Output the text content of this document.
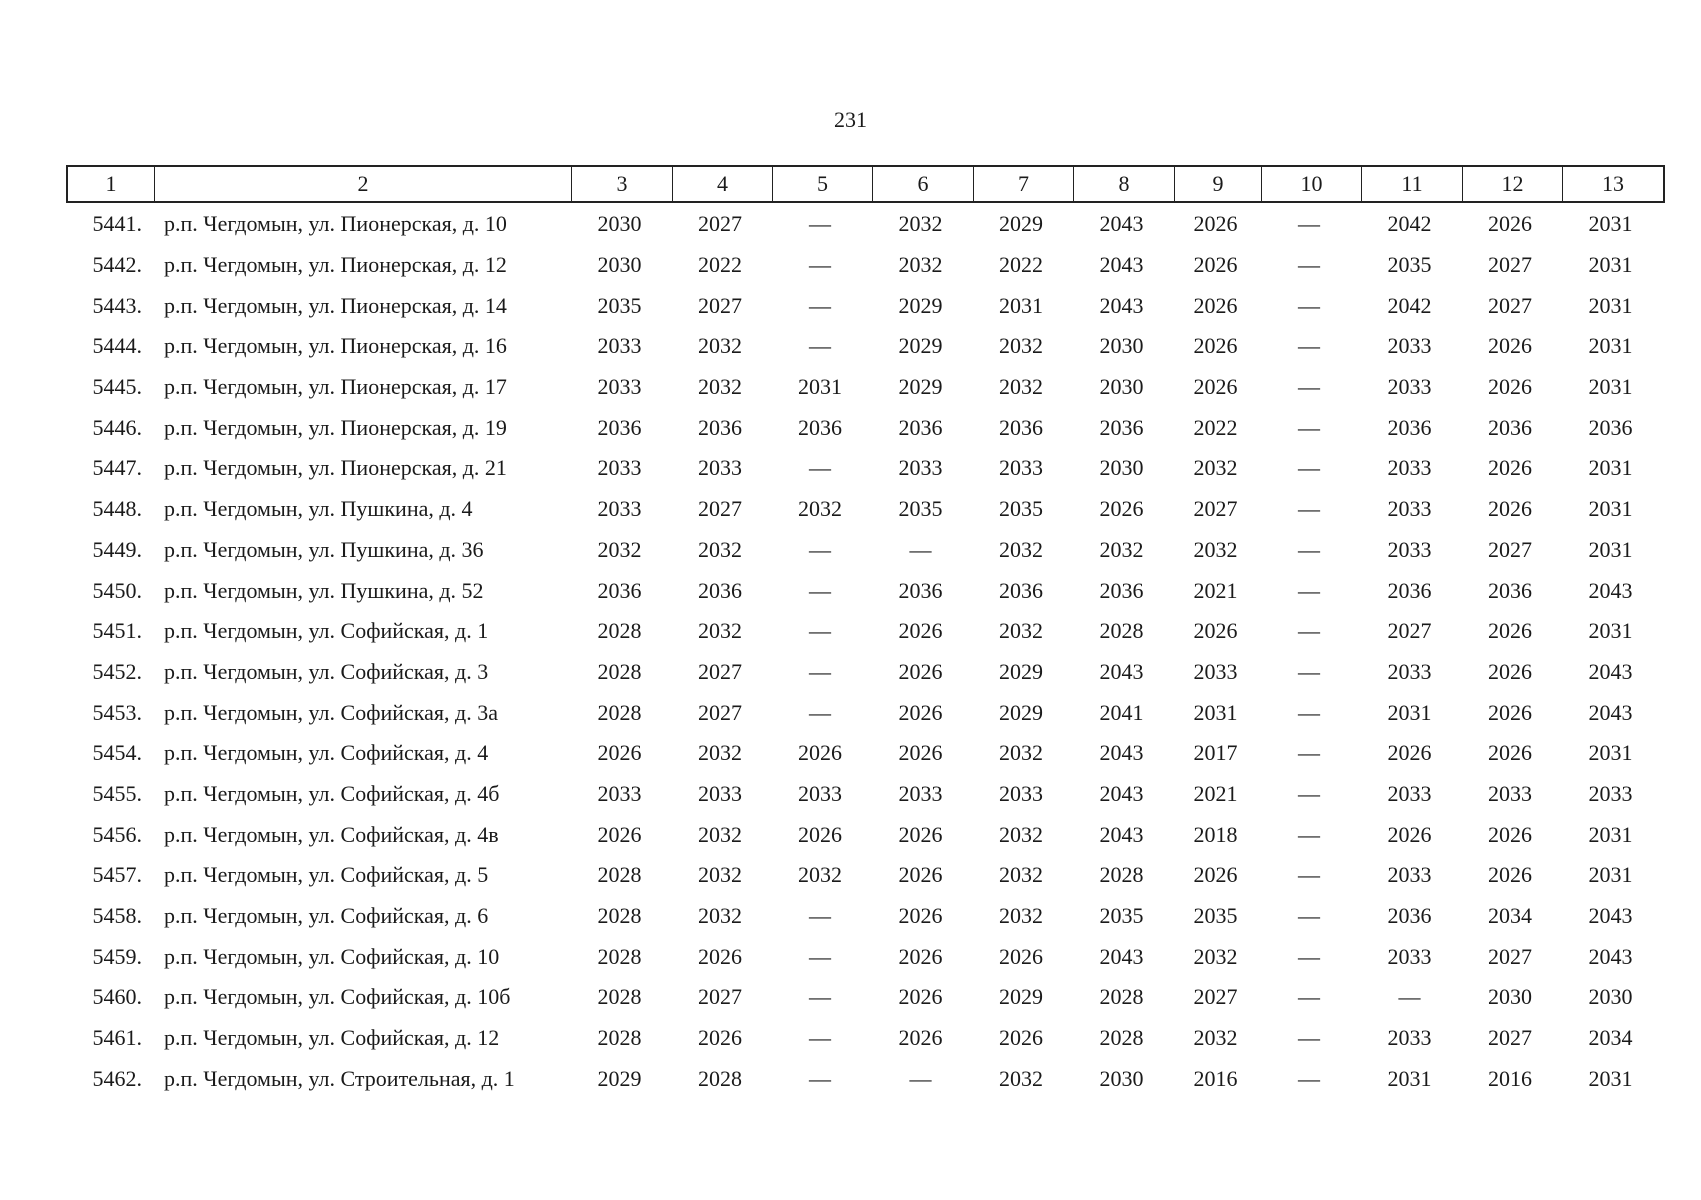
231
1	2	3	4	5	6	7	8	9	10	11	12	13
5441.	р.п. Чегдомын, ул. Пионерская, д. 10	2030	2027	—	2032	2029	2043	2026	—	2042	2026	2031
5442.	р.п. Чегдомын, ул. Пионерская, д. 12	2030	2022	—	2032	2022	2043	2026	—	2035	2027	2031
5443.	р.п. Чегдомын, ул. Пионерская, д. 14	2035	2027	—	2029	2031	2043	2026	—	2042	2027	2031
5444.	р.п. Чегдомын, ул. Пионерская, д. 16	2033	2032	—	2029	2032	2030	2026	—	2033	2026	2031
5445.	р.п. Чегдомын, ул. Пионерская, д. 17	2033	2032	2031	2029	2032	2030	2026	—	2033	2026	2031
5446.	р.п. Чегдомын, ул. Пионерская, д. 19	2036	2036	2036	2036	2036	2036	2022	—	2036	2036	2036
5447.	р.п. Чегдомын, ул. Пионерская, д. 21	2033	2033	—	2033	2033	2030	2032	—	2033	2026	2031
5448.	р.п. Чегдомын, ул. Пушкина, д. 4	2033	2027	2032	2035	2035	2026	2027	—	2033	2026	2031
5449.	р.п. Чегдомын, ул. Пушкина, д. 36	2032	2032	—	—	2032	2032	2032	—	2033	2027	2031
5450.	р.п. Чегдомын, ул. Пушкина, д. 52	2036	2036	—	2036	2036	2036	2021	—	2036	2036	2043
5451.	р.п. Чегдомын, ул. Софийская, д. 1	2028	2032	—	2026	2032	2028	2026	—	2027	2026	2031
5452.	р.п. Чегдомын, ул. Софийская, д. 3	2028	2027	—	2026	2029	2043	2033	—	2033	2026	2043
5453.	р.п. Чегдомын, ул. Софийская, д. 3а	2028	2027	—	2026	2029	2041	2031	—	2031	2026	2043
5454.	р.п. Чегдомын, ул. Софийская, д. 4	2026	2032	2026	2026	2032	2043	2017	—	2026	2026	2031
5455.	р.п. Чегдомын, ул. Софийская, д. 4б	2033	2033	2033	2033	2033	2043	2021	—	2033	2033	2033
5456.	р.п. Чегдомын, ул. Софийская, д. 4в	2026	2032	2026	2026	2032	2043	2018	—	2026	2026	2031
5457.	р.п. Чегдомын, ул. Софийская, д. 5	2028	2032	2032	2026	2032	2028	2026	—	2033	2026	2031
5458.	р.п. Чегдомын, ул. Софийская, д. 6	2028	2032	—	2026	2032	2035	2035	—	2036	2034	2043
5459.	р.п. Чегдомын, ул. Софийская, д. 10	2028	2026	—	2026	2026	2043	2032	—	2033	2027	2043
5460.	р.п. Чегдомын, ул. Софийская, д. 10б	2028	2027	—	2026	2029	2028	2027	—	—	2030	2030
5461.	р.п. Чегдомын, ул. Софийская, д. 12	2028	2026	—	2026	2026	2028	2032	—	2033	2027	2034
5462.	р.п. Чегдомын, ул. Строительная, д. 1	2029	2028	—	—	2032	2030	2016	—	2031	2016	2031
